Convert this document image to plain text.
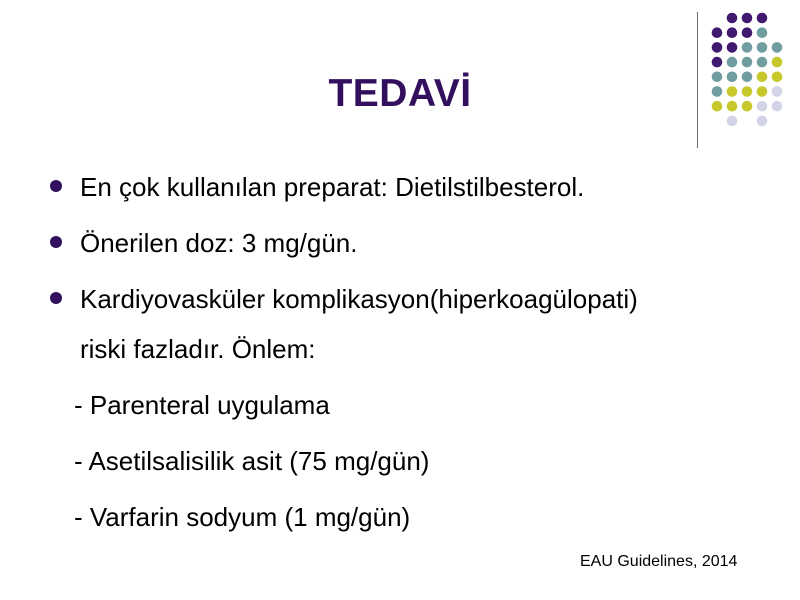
TEDAVİ
En çok kullanılan preparat: Dietilstilbesterol.
Önerilen doz: 3 mg/gün.
Kardiyovasküler komplikasyon(hiperkoagülopati)
riski fazladır. Önlem:
- Parenteral uygulama
- Asetilsalisilik asit (75 mg/gün)
- Varfarin sodyum (1 mg/gün)
EAU Guidelines, 2014
